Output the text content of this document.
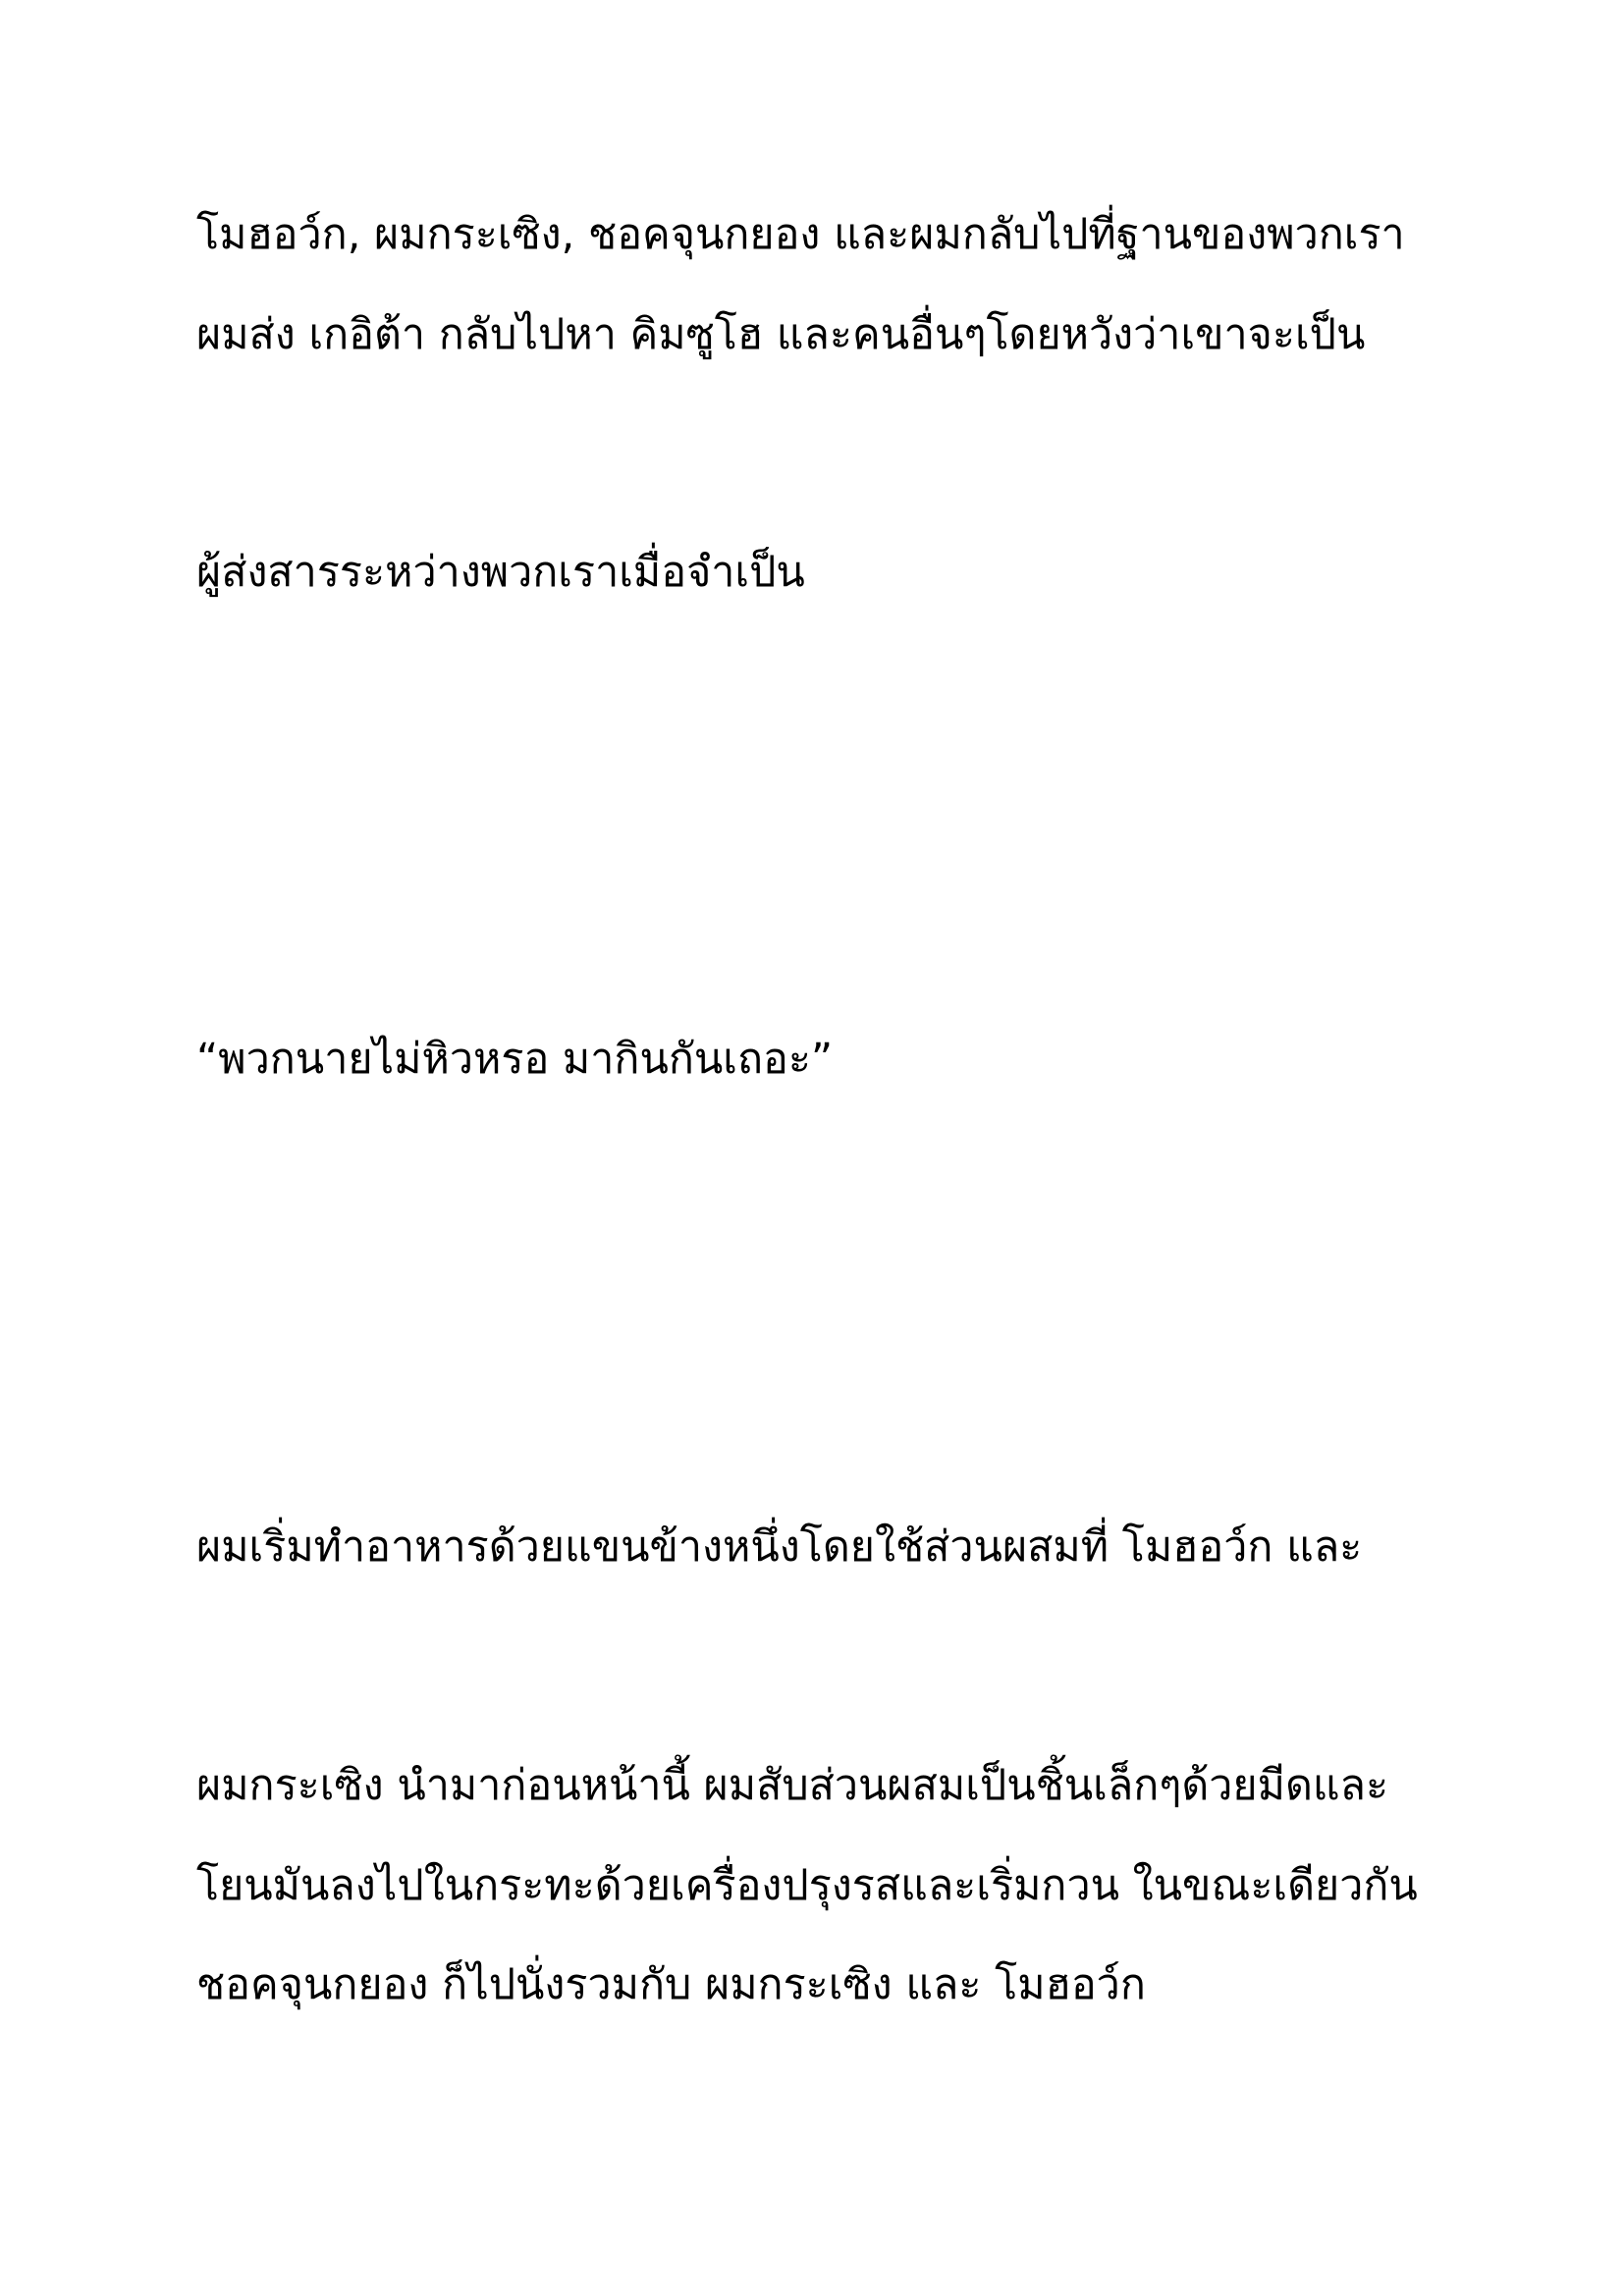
โมฮอว์ก, ผมกระเซิง, ชอคจุนกยอง และผมกลับไปที่ฐานของพวกเรา

ผมส่ง เกอิต้า กลับไปหา คิมซูโฮ และคนอื่นๆโดยหวังว่าเขาจะเป็น

ผู้ส่งสารระหว่างพวกเราเมื่อจำเป็น

“พวกนายไม่หิวหรอ มากินกันเถอะ”

ผมเริ่มทำอาหารด้วยแขนข้างหนึ่งโดยใช้ส่วนผสมที่ โมฮอว์ก และ

ผมกระเซิง นำมาก่อนหน้านี้ ผมสับส่วนผสมเป็นชิ้นเล็กๆด้วยมีดและ

โยนมันลงไปในกระทะด้วยเครื่องปรุงรสและเริ่มกวน ในขณะเดียวกัน

ชอคจุนกยอง ก็ไปนั่งรวมกับ ผมกระเซิง และ โมฮอว์ก
